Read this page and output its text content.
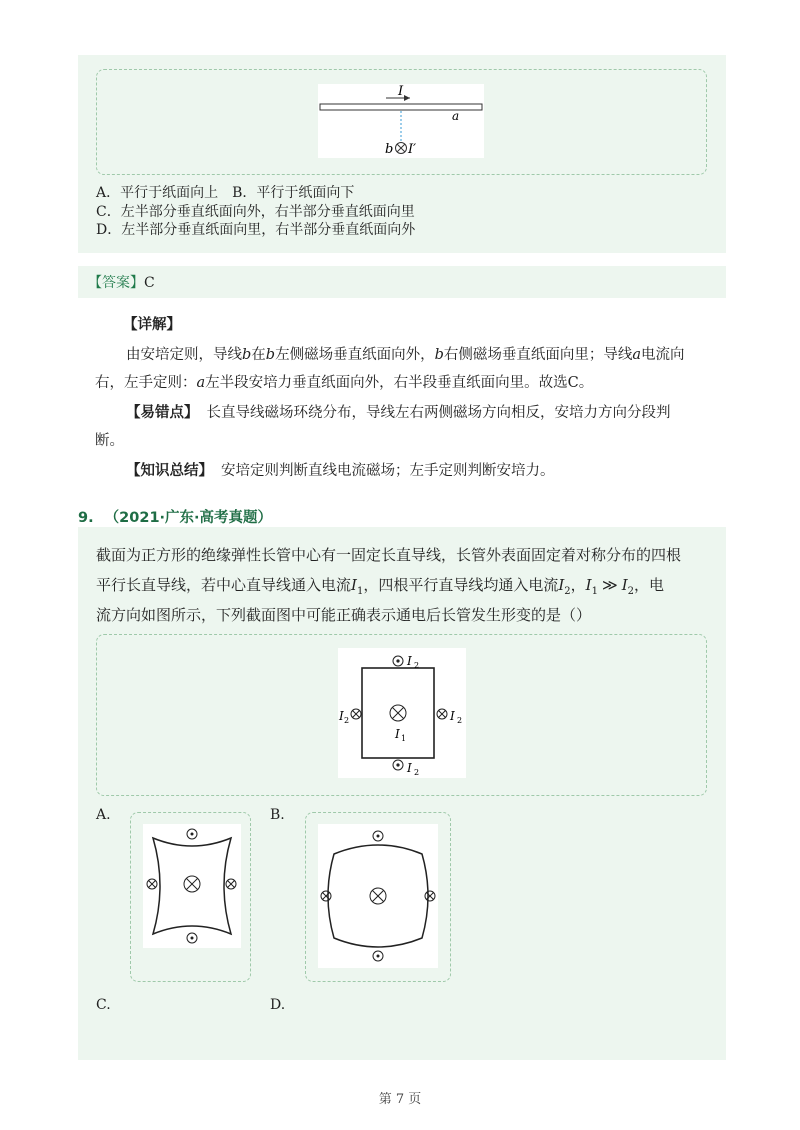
I
a
b I′
A．平行于纸面向上　B．平行于纸面向下
C．左半部分垂直纸面向外，右半部分垂直纸面向里
D．左半部分垂直纸面向里，右半部分垂直纸面向外
【答案】C
【详解】
由安培定则，导线b在b左侧磁场垂直纸面向外，b右侧磁场垂直纸面向里；导线a电流向
右，左手定则：a左半段安培力垂直纸面向外，右半段垂直纸面向里。故选C。
【易错点】 长直导线磁场环绕分布，导线左右两侧磁场方向相反，安培力方向分段判
断。
【知识总结】 安培定则判断直线电流磁场；左手定则判断安培力。
9. （2021·广东·高考真题）
截面为正方形的绝缘弹性长管中心有一固定长直导线，长管外表面固定着对称分布的四根
平行长直导线，若中心直导线通入电流$I_1$，四根平行直导线均通入电流$I_2$，$I_1$ ≫ $I_2$，电
流方向如图所示，下列截面图中可能正确表示通电后长管发生形变的是（）
I 2
I 2
I 2	I 2
I 1
A.	B.
C.	D.
第 7 页
